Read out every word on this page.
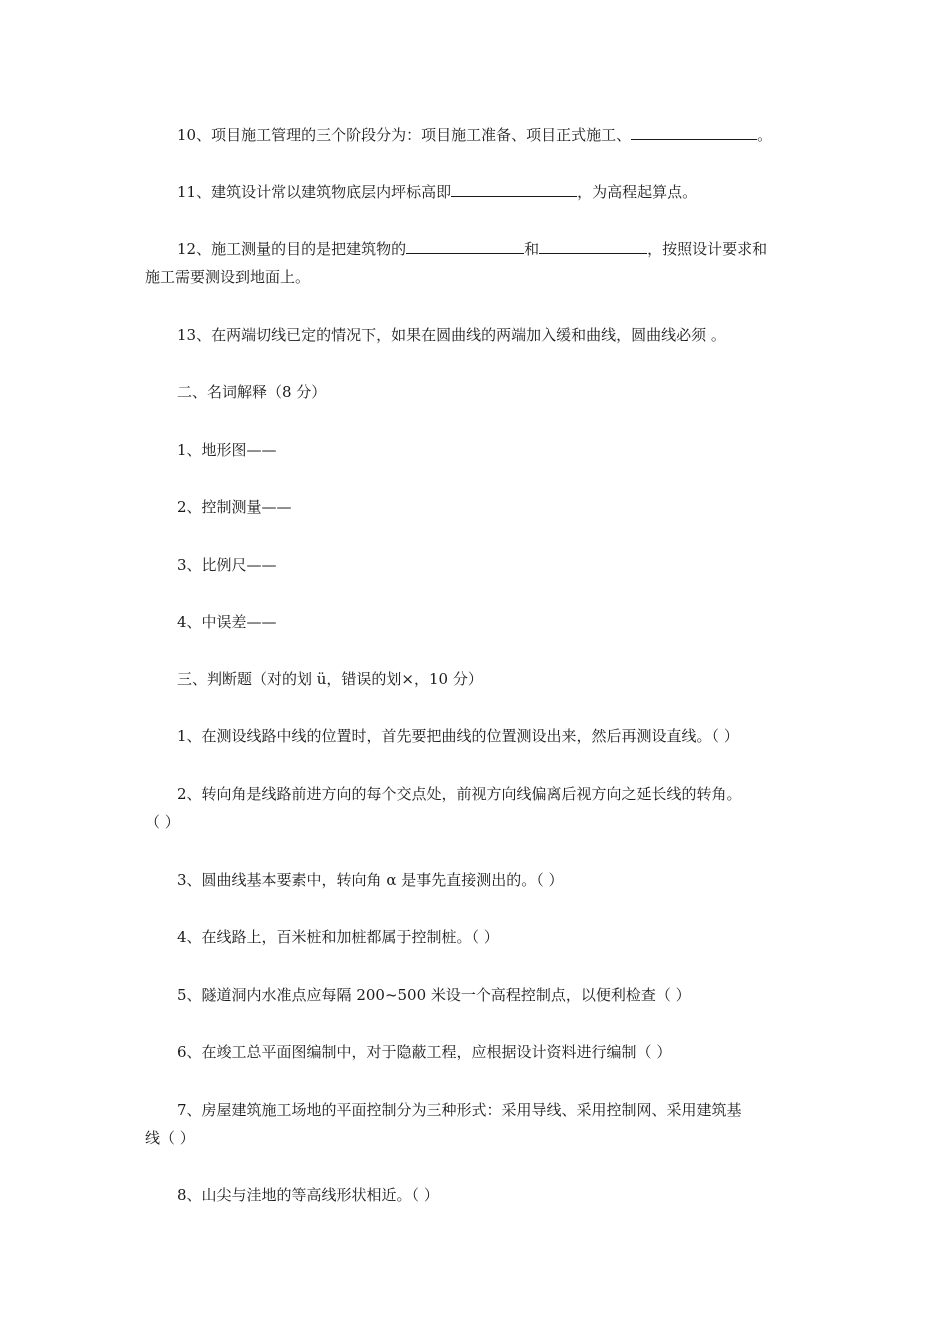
10、项目施工管理的三个阶段分为：项目施工准备、项目正式施工、	。
11、建筑设计常以建筑物底层内坪标高即	，为高程起算点。
12、施工测量的目的是把建筑物的	和	，按照设计要求和
施工需要测设到地面上。
13、在两端切线已定的情况下，如果在圆曲线的两端加入缓和曲线，圆曲线必须 。
二、名词解释（8 分）
1、地形图——
2、控制测量——
3、比例尺——
4、中误差——
三、判断题（对的划 ü，错误的划×，10 分）
1、在测设线路中线的位置时，首先要把曲线的位置测设出来，然后再测设直线。（ ）
2、转向角是线路前进方向的每个交点处，前视方向线偏离后视方向之延长线的转角。
（ ）
3、圆曲线基本要素中，转向角 α 是事先直接测出的。（ ）
4、在线路上，百米桩和加桩都属于控制桩。（ ）
5、隧道洞内水准点应每隔 200~500 米设一个高程控制点，以便利检查（ ）
6、在竣工总平面图编制中，对于隐蔽工程，应根据设计资料进行编制（ ）
7、房屋建筑施工场地的平面控制分为三种形式：采用导线、采用控制网、采用建筑基
线（ ）
8、山尖与洼地的等高线形状相近。（ ）
